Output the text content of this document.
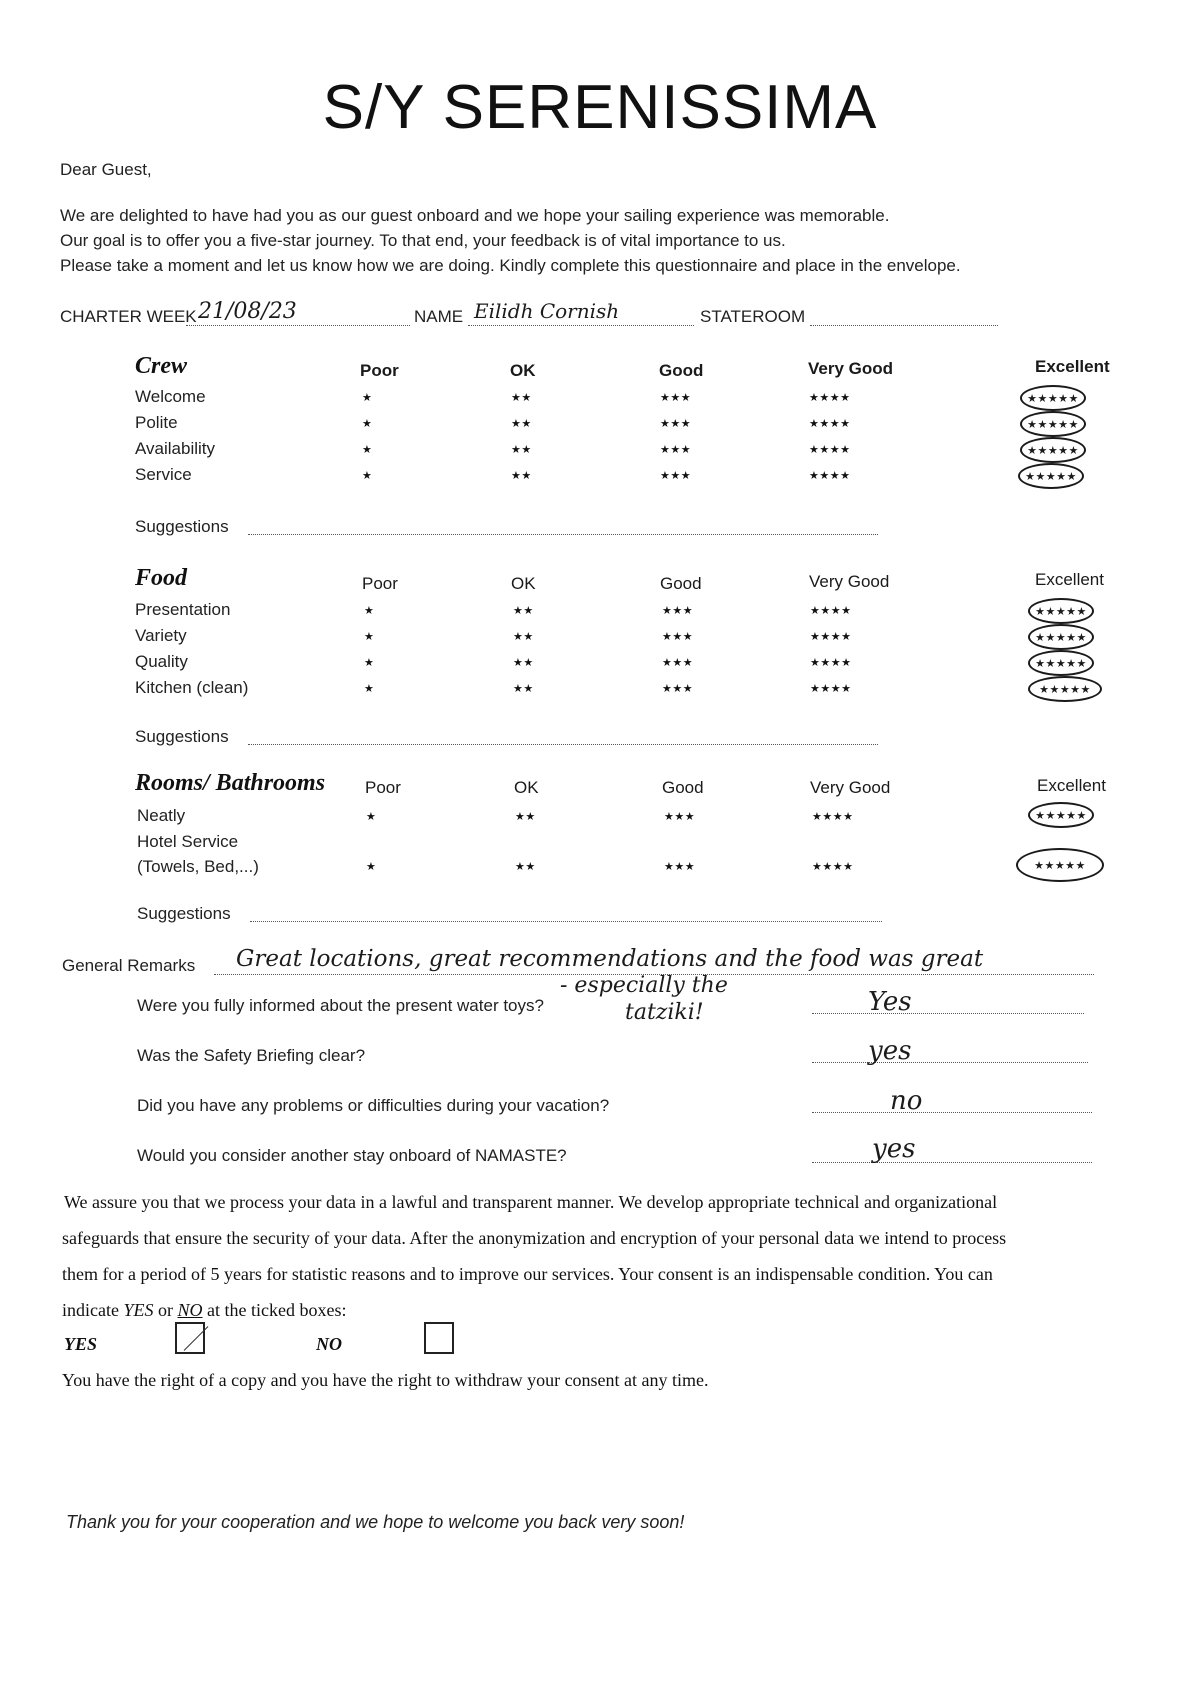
S/Y SERENISSIMA
Dear Guest,
We are delighted to have had you as our guest onboard and we hope your sailing experience was memorable.
Our goal is to offer you a five-star journey. To that end, your feedback is of vital importance to us.
Please take a moment and let us know how we are doing. Kindly complete this questionnaire and place in the envelope.
CHARTER WEEK 21/08/23	NAME Eilidh Cornish	STATEROOM
Crew	Poor	OK	Good	Very Good	Excellent
Welcome	★	★★	★★★	★★★★	★★★★★
Polite	★	★★	★★★	★★★★	★★★★★
Availability	★	★★	★★★	★★★★	★★★★★
Service	★	★★	★★★	★★★★	★★★★★
Suggestions
Food	Poor	OK	Good	Very Good	Excellent
Presentation	★	★★	★★★	★★★★	★★★★★
Variety	★	★★	★★★	★★★★	★★★★★
Quality	★	★★	★★★	★★★★	★★★★★
Kitchen (clean)	★	★★	★★★	★★★★	★★★★★
Suggestions
Rooms/ Bathrooms Poor	OK	Good	Very Good	Excellent
Neatly	★	★★	★★★	★★★★	★★★★★
Hotel Service
(Towels, Bed,...)	★	★★	★★★	★★★★	★★★★★
Suggestions
General Remarks Great locations, great recommendations and the food was great
- especially the
tatziki!
Were you fully informed about the present water toys?	Yes
Was the Safety Briefing clear?	yes
Did you have any problems or difficulties during your vacation?	no
Would you consider another stay onboard of NAMASTE?	yes
We assure you that we process your data in a lawful and transparent manner. We develop appropriate technical and organizational
safeguards that ensure the security of your data. After the anonymization and encryption of your personal data we intend to process
them for a period of 5 years for statistic reasons and to improve our services. Your consent is an indispensable condition. You can
indicate YES or NO at the ticked boxes:
YES	NO
You have the right of a copy and you have the right to withdraw your consent at any time.
Thank you for your cooperation and we hope to welcome you back very soon!
